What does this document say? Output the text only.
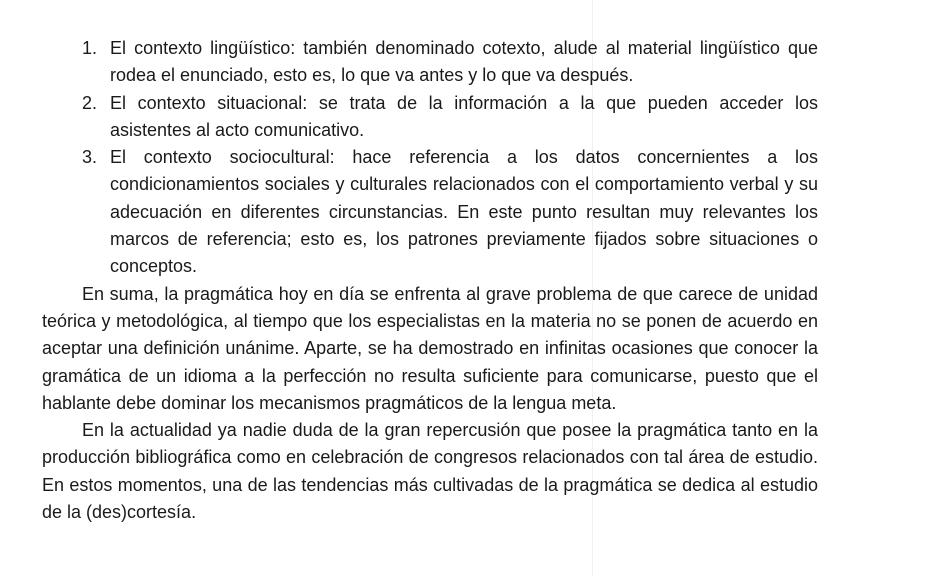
1. El contexto lingüístico: también denominado cotexto, alude al material lingüístico que rodea el enunciado, esto es, lo que va antes y lo que va después.
2. El contexto situacional: se trata de la información a la que pueden acceder los asistentes al acto comunicativo.
3. El contexto sociocultural: hace referencia a los datos concernientes a los condicionamientos sociales y culturales relacionados con el comportamiento verbal y su adecuación en diferentes circunstancias. En este punto resultan muy relevantes los marcos de referencia; esto es, los patrones previamente fijados sobre situaciones o conceptos.

En suma, la pragmática hoy en día se enfrenta al grave problema de que carece de unidad teórica y metodológica, al tiempo que los especialistas en la materia no se ponen de acuerdo en aceptar una definición unánime. Aparte, se ha demostrado en infinitas ocasiones que conocer la gramática de un idioma a la perfección no resulta suficiente para comunicarse, puesto que el hablante debe dominar los mecanismos pragmáticos de la lengua meta.

En la actualidad ya nadie duda de la gran repercusión que posee la pragmática tanto en la producción bibliográfica como en celebración de congresos relacionados con tal área de estudio. En estos momentos, una de las tendencias más cultivadas de la pragmática se dedica al estudio de la (des)cortesía.
